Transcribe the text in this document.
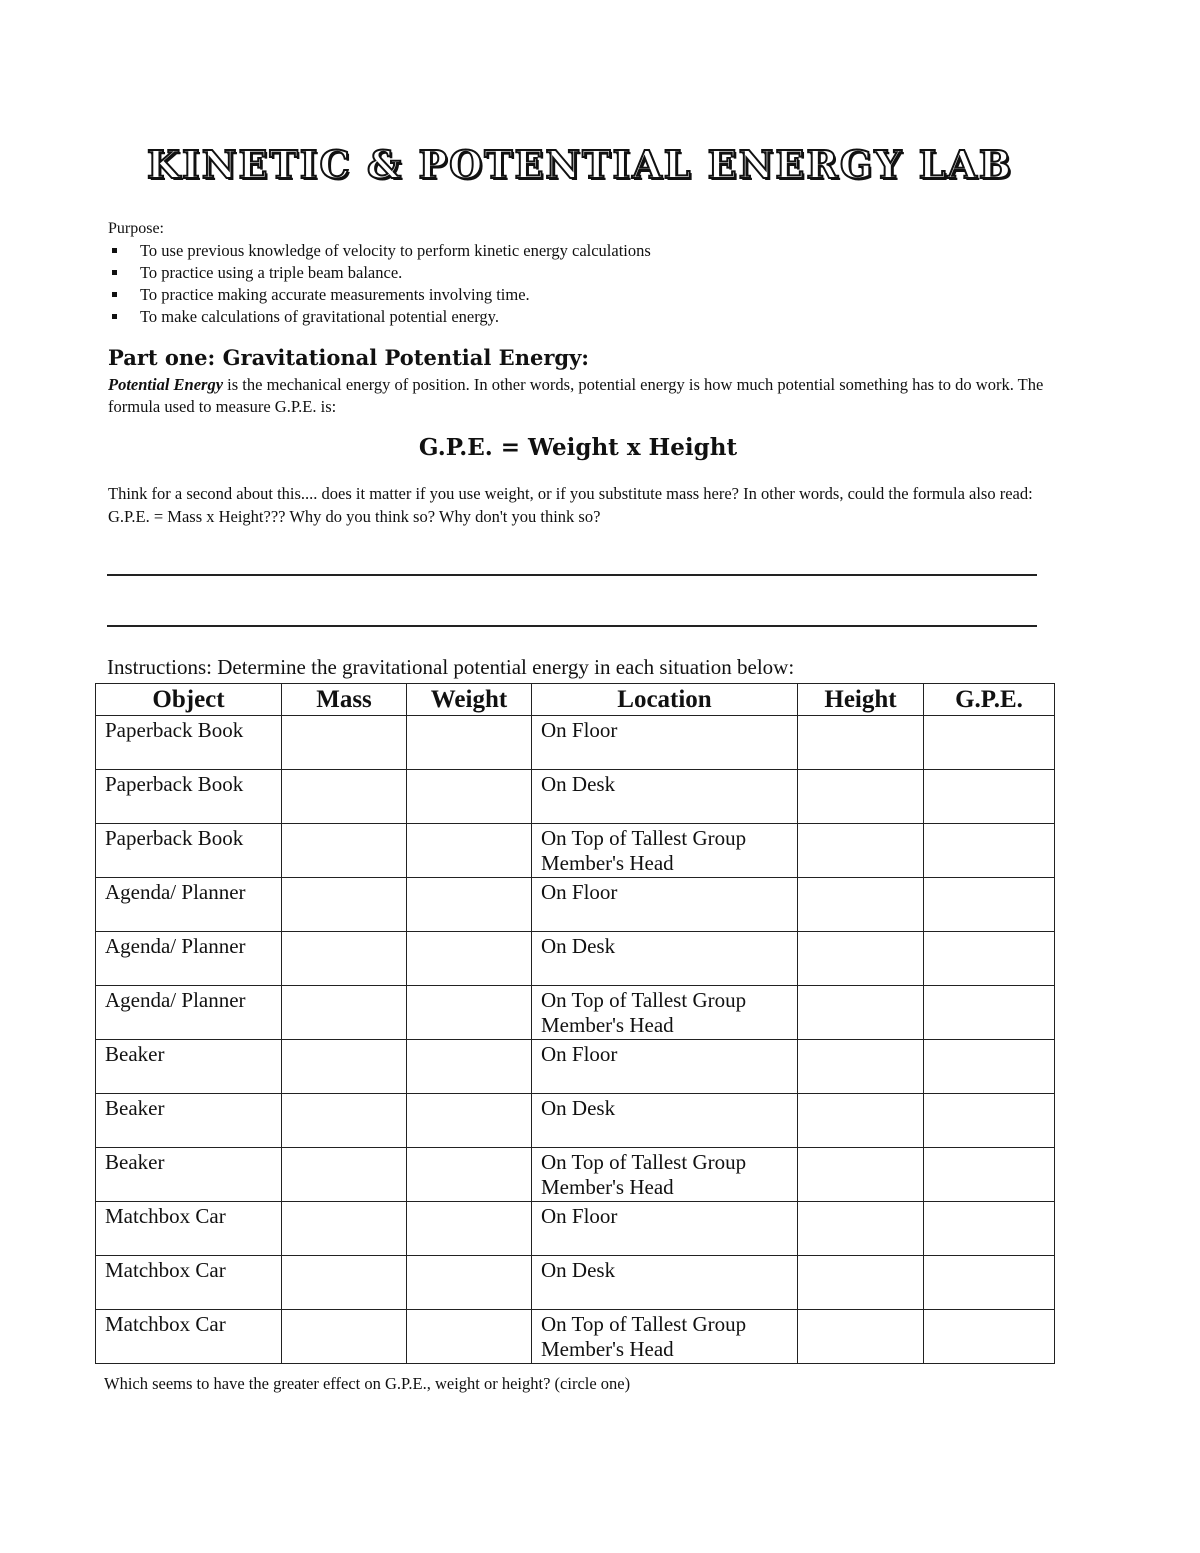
KINETIC & POTENTIAL ENERGY LAB
Purpose:
To use previous knowledge of velocity to perform kinetic energy calculations
To practice using a triple beam balance.
To practice making accurate measurements involving time.
To make calculations of gravitational potential energy.
Part one: Gravitational Potential Energy:
Potential Energy is the mechanical energy of position. In other words, potential energy is how much potential something has to do work. The formula used to measure G.P.E. is:
G.P.E. = Weight x Height
Think for a second about this.... does it matter if you use weight, or if you substitute mass here? In other words, could the formula also read: G.P.E. = Mass x Height??? Why do you think so? Why don't you think so?
Instructions: Determine the gravitational potential energy in each situation below:
Object	Mass	Weight	Location	Height	G.P.E.
Paperback Book			On Floor		
Paperback Book			On Desk		
Paperback Book			On Top of Tallest Group Member's Head		
Agenda/ Planner			On Floor		
Agenda/ Planner			On Desk		
Agenda/ Planner			On Top of Tallest Group Member's Head		
Beaker			On Floor		
Beaker			On Desk		
Beaker			On Top of Tallest Group Member's Head		
Matchbox Car			On Floor		
Matchbox Car			On Desk		
Matchbox Car			On Top of Tallest Group Member's Head		
Which seems to have the greater effect on G.P.E., weight or height? (circle one)
